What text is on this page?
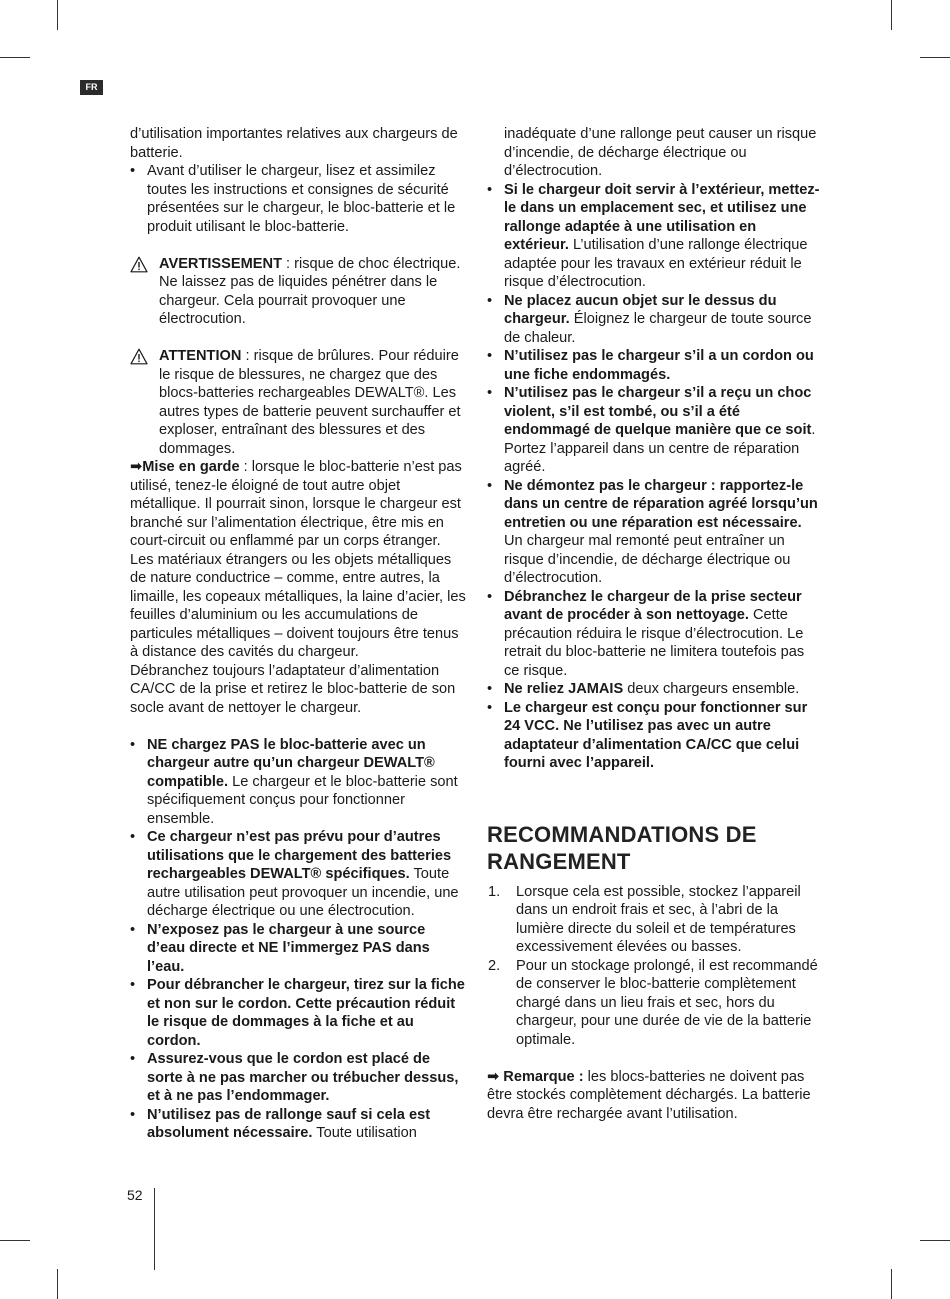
FR

d’utilisation importantes relatives aux chargeurs de batterie.

• Avant d’utiliser le chargeur, lisez et assimilez toutes les instructions et consignes de sécurité présentées sur le chargeur, le bloc-batterie et le produit utilisant le bloc-batterie.
AVERTISSEMENT : risque de choc électrique. Ne laissez pas de liquides pénétrer dans le chargeur. Cela pourrait provoquer une électrocution.
ATTENTION : risque de brûlures. Pour réduire le risque de blessures, ne chargez que des blocs-batteries rechargeables DEWALT®. Les autres types de batterie peuvent surchauffer et exploser, entraînant des blessures et des dommages.

➡Mise en garde : lorsque le bloc-batterie n’est pas utilisé, tenez-le éloigné de tout autre objet métallique. Il pourrait sinon, lorsque le chargeur est branché sur l’alimentation électrique, être mis en court-circuit ou enflammé par un corps étranger. Les matériaux étrangers ou les objets métalliques de nature conductrice – comme, entre autres, la limaille, les copeaux métalliques, la laine d’acier, les feuilles d’aluminium ou les accumulations de particules métalliques – doivent toujours être tenus à distance des cavités du chargeur.

Débranchez toujours l’adaptateur d’alimentation CA/CC de la prise et retirez le bloc-batterie de son socle avant de nettoyer le chargeur.

• NE chargez PAS le bloc-batterie avec un chargeur autre qu’un chargeur DEWALT® compatible. Le chargeur et le bloc-batterie sont spécifiquement conçus pour fonctionner ensemble.
• Ce chargeur n’est pas prévu pour d’autres utilisations que le chargement des batteries rechargeables DEWALT® spécifiques. Toute autre utilisation peut provoquer un incendie, une décharge électrique ou une électrocution.
• N’exposez pas le chargeur à une source d’eau directe et NE l’immergez PAS dans l’eau.
• Pour débrancher le chargeur, tirez sur la fiche et non sur le cordon. Cette précaution réduit le risque de dommages à la fiche et au cordon.
• Assurez-vous que le cordon est placé de sorte à ne pas marcher ou trébucher dessus, et à ne pas l’endommager.
• N’utilisez pas de rallonge sauf si cela est absolument nécessaire. Toute utilisation

inadéquate d’une rallonge peut causer un risque d’incendie, de décharge électrique ou d’électrocution.

• Si le chargeur doit servir à l’extérieur, mettez-le dans un emplacement sec, et utilisez une rallonge adaptée à une utilisation en extérieur. L’utilisation d’une rallonge électrique adaptée pour les travaux en extérieur réduit le risque d’électrocution.
• Ne placez aucun objet sur le dessus du chargeur. Éloignez le chargeur de toute source de chaleur.
• N’utilisez pas le chargeur s’il a un cordon ou une fiche endommagés.
• N’utilisez pas le chargeur s’il a reçu un choc violent, s’il est tombé, ou s’il a été endommagé de quelque manière que ce soit. Portez l’appareil dans un centre de réparation agréé.
• Ne démontez pas le chargeur : rapportez-le dans un centre de réparation agréé lorsqu’un entretien ou une réparation est nécessaire. Un chargeur mal remonté peut entraîner un risque d’incendie, de décharge électrique ou d’électrocution.
• Débranchez le chargeur de la prise secteur avant de procéder à son nettoyage. Cette précaution réduira le risque d’électrocution. Le retrait du bloc-batterie ne limitera toutefois pas ce risque.
• Ne reliez JAMAIS deux chargeurs ensemble.
• Le chargeur est conçu pour fonctionner sur 24 VCC. Ne l’utilisez pas avec un autre adaptateur d’alimentation CA/CC que celui fourni avec l’appareil.
RECOMMANDATIONS DE RANGEMENT
1. Lorsque cela est possible, stockez l’appareil dans un endroit frais et sec, à l’abri de la lumière directe du soleil et de températures excessivement élevées ou basses.
2. Pour un stockage prolongé, il est recommandé de conserver le bloc-batterie complètement chargé dans un lieu frais et sec, hors du chargeur, pour une durée de vie de la batterie optimale.

➡ Remarque : les blocs-batteries ne doivent pas être stockés complètement déchargés. La batterie devra être rechargée avant l’utilisation.

52
